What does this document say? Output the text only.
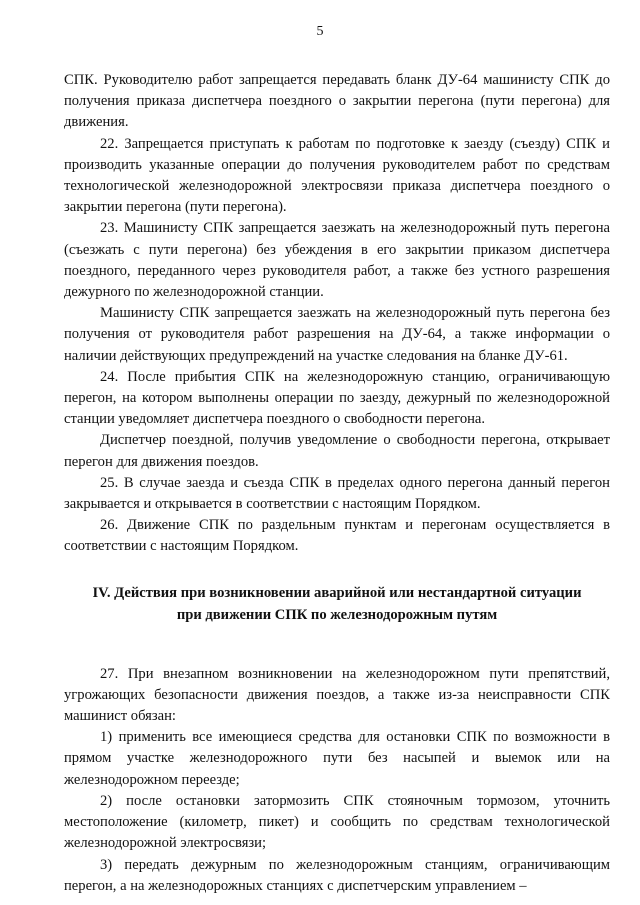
5

СПК. Руководителю работ запрещается передавать бланк ДУ-64 машинисту СПК до получения приказа диспетчера поездного о закрытии перегона (пути перегона) для движения.

22. Запрещается приступать к работам по подготовке к заезду (съезду) СПК и производить указанные операции до получения руководителем работ по средствам технологической железнодорожной электросвязи приказа диспетчера поездного о закрытии перегона (пути перегона).

23. Машинисту СПК запрещается заезжать на железнодорожный путь перегона (съезжать с пути перегона) без убеждения в его закрытии приказом диспетчера поездного, переданного через руководителя работ, а также без устного разрешения дежурного по железнодорожной станции.

Машинисту СПК запрещается заезжать на железнодорожный путь перегона без получения от руководителя работ разрешения на ДУ-64, а также информации о наличии действующих предупреждений на участке следования на бланке ДУ-61.

24. После прибытия СПК на железнодорожную станцию, ограничивающую перегон, на котором выполнены операции по заезду, дежурный по железнодорожной станции уведомляет диспетчера поездного о свободности перегона.

Диспетчер поездной, получив уведомление о свободности перегона, открывает перегон для движения поездов.

25. В случае заезда и съезда СПК в пределах одного перегона данный перегон закрывается и открывается в соответствии с настоящим Порядком.

26. Движение СПК по раздельным пунктам и перегонам осуществляется в соответствии с настоящим Порядком.

IV. Действия при возникновении аварийной или нестандартной ситуации
при движении СПК по железнодорожным путям

27. При внезапном возникновении на железнодорожном пути препятствий, угрожающих безопасности движения поездов, а также из-за неисправности СПК машинист обязан:

1) применить все имеющиеся средства для остановки СПК по возможности в прямом участке железнодорожного пути без насыпей и выемок или на железнодорожном переезде;

2) после остановки затормозить СПК стояночным тормозом, уточнить местоположение (километр, пикет) и сообщить по средствам технологической железнодорожной электросвязи;

3) передать дежурным по железнодорожным станциям, ограничивающим перегон, а на железнодорожных станциях с диспетчерским управлением –
